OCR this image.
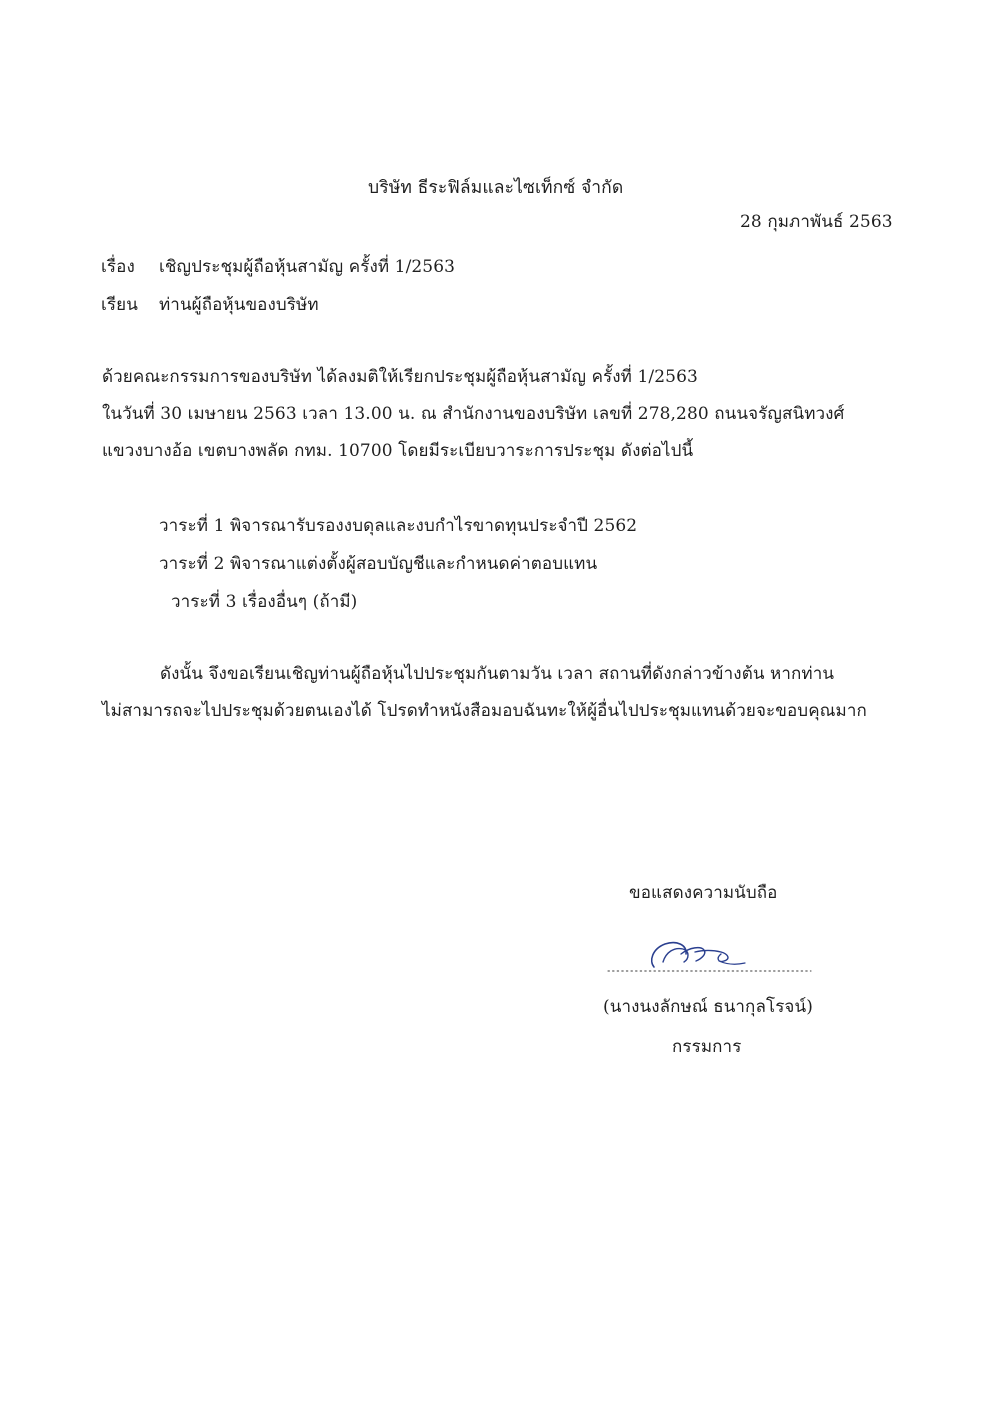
บริษัท ธีระฟิล์มและไซเท็กซ์ จำกัด
28 กุมภาพันธ์ 2563
เรื่อง เชิญประชุมผู้ถือหุ้นสามัญ ครั้งที่ 1/2563
เรียน ท่านผู้ถือหุ้นของบริษัท
ด้วยคณะกรรมการของบริษัท ได้ลงมติให้เรียกประชุมผู้ถือหุ้นสามัญ ครั้งที่ 1/2563
ในวันที่ 30 เมษายน 2563 เวลา 13.00 น. ณ สำนักงานของบริษัท เลขที่ 278,280 ถนนจรัญสนิทวงศ์
แขวงบางอ้อ เขตบางพลัด กทม. 10700 โดยมีระเบียบวาระการประชุม ดังต่อไปนี้
วาระที่ 1 พิจารณารับรองงบดุลและงบกำไรขาดทุนประจำปี 2562
วาระที่ 2 พิจารณาแต่งตั้งผู้สอบบัญชีและกำหนดค่าตอบแทน
วาระที่ 3 เรื่องอื่นๆ (ถ้ามี)
ดังนั้น จึงขอเรียนเชิญท่านผู้ถือหุ้นไปประชุมกันตามวัน เวลา สถานที่ดังกล่าวข้างต้น หากท่าน
ไม่สามารถจะไปประชุมด้วยตนเองได้ โปรดทำหนังสือมอบฉันทะให้ผู้อื่นไปประชุมแทนด้วยจะขอบคุณมาก
ขอแสดงความนับถือ
(นางนงลักษณ์ ธนากุลโรจน์)
กรรมการ
